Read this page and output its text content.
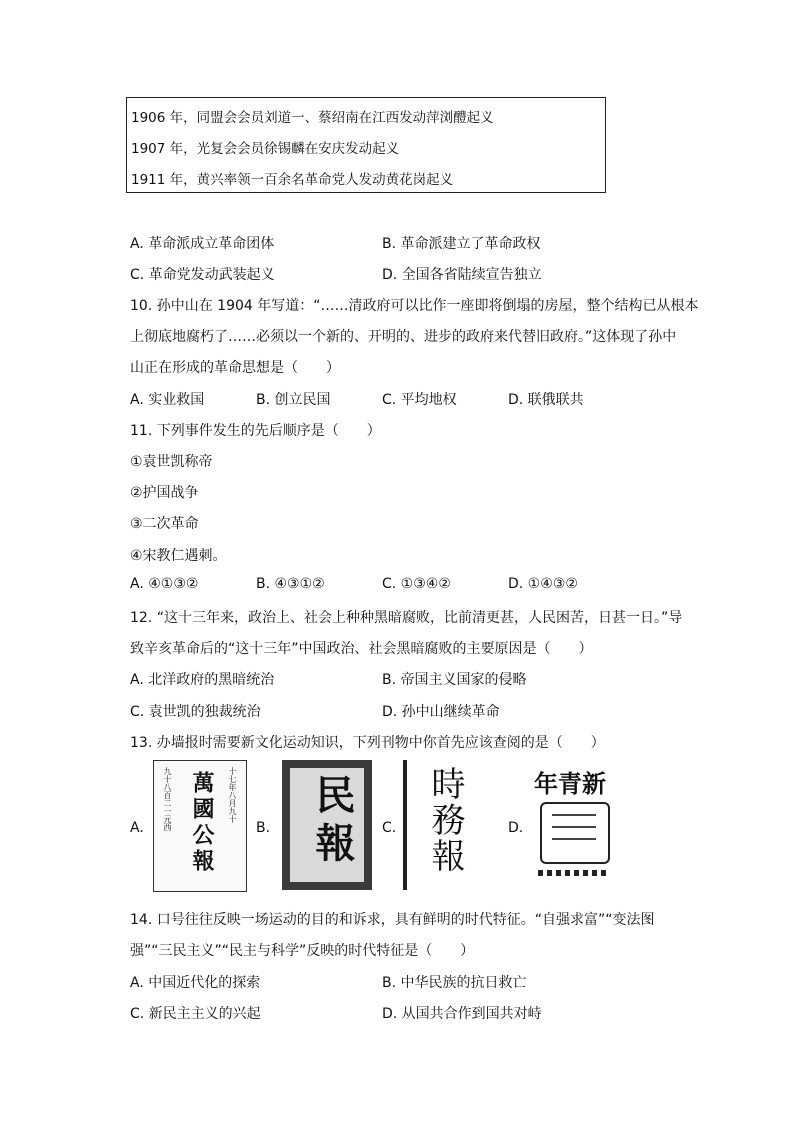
1906 年，同盟会会员刘道一、蔡绍南在江西发动萍浏醴起义
1907 年，光复会会员徐锡麟在安庆发动起义
1911 年，黄兴率领一百余名革命党人发动黄花岗起义
A. 革命派成立革命团体	B. 革命派建立了革命政权
C. 革命党发动武装起义	D. 全国各省陆续宣告独立
10. 孙中山在 1904 年写道：“……清政府可以比作一座即将倒塌的房屋，整个结构已从根本
上彻底地腐朽了……必须以一个新的、开明的、进步的政府来代替旧政府。”这体现了孙中
山正在形成的革命思想是（　　）
A. 实业救国	B. 创立民国	C. 平均地权	D. 联俄联共
11. 下列事件发生的先后顺序是（　　）
①袁世凯称帝
②护国战争
③二次革命
④宋教仁遇刺。
A. ④①③②	B. ④③①②	C. ①③④②	D. ①④③②
12. “这十三年来，政治上、社会上种种黑暗腐败，比前清更甚，人民困苦，日甚一日。”导
致辛亥革命后的“这十三年”中国政治、社会黑暗腐败的主要原因是（　　）
A. 北洋政府的黑暗统治	B. 帝国主义国家的侵略
C. 袁世凯的独裁统治	D. 孙中山继续革命
13. 办墙报时需要新文化运动知识，下列刊物中你首先应该查阅的是（　　）
A.
十七年八月九十
九十八百二一元西 萬國公報	B. 民報	C. 時務報	D.
新青年
14. 口号往往反映一场运动的目的和诉求，具有鲜明的时代特征。“自强求富”“变法图
强”“三民主义”“民主与科学”反映的时代特征是（　　）
A. 中国近代化的探索	B. 中华民族的抗日救亡
C. 新民主主义的兴起	D. 从国共合作到国共对峙
